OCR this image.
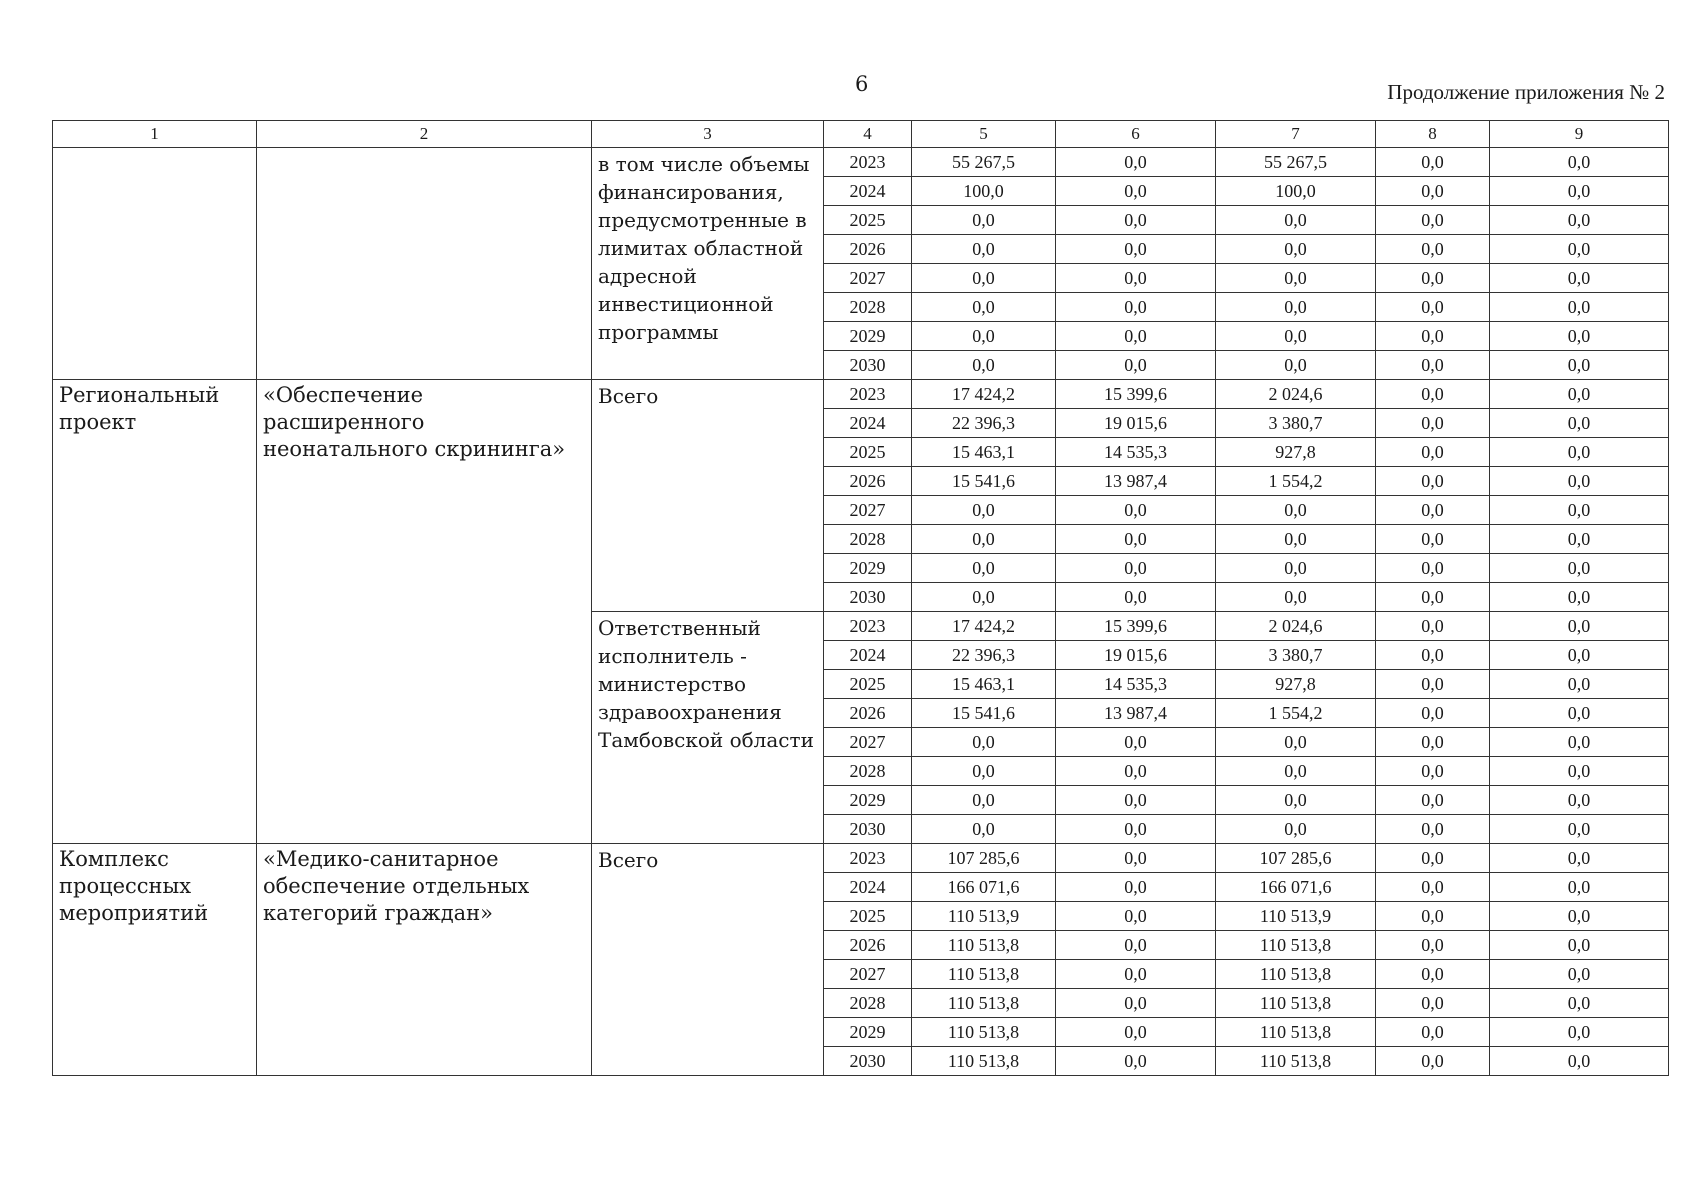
6	Продолжение приложения № 2
1	2	3	4	5	6	7	8	9
		в том числе объемы финансирования, предусмотренные в лимитах областной адресной инвестиционной программы	2023	55 267,5	0,0	55 267,5	0,0	0,0
			2024	100,0	0,0	100,0	0,0	0,0
			2025	0,0	0,0	0,0	0,0	0,0
			2026	0,0	0,0	0,0	0,0	0,0
			2027	0,0	0,0	0,0	0,0	0,0
			2028	0,0	0,0	0,0	0,0	0,0
			2029	0,0	0,0	0,0	0,0	0,0
			2030	0,0	0,0	0,0	0,0	0,0
Региональный проект	«Обеспечение расширенного неонатального скрининга»	Всего	2023	17 424,2	15 399,6	2 024,6	0,0	0,0
			2024	22 396,3	19 015,6	3 380,7	0,0	0,0
			2025	15 463,1	14 535,3	927,8	0,0	0,0
			2026	15 541,6	13 987,4	1 554,2	0,0	0,0
			2027	0,0	0,0	0,0	0,0	0,0
			2028	0,0	0,0	0,0	0,0	0,0
			2029	0,0	0,0	0,0	0,0	0,0
			2030	0,0	0,0	0,0	0,0	0,0
		Ответственный исполнитель - министерство здравоохранения Тамбовской области	2023	17 424,2	15 399,6	2 024,6	0,0	0,0
			2024	22 396,3	19 015,6	3 380,7	0,0	0,0
			2025	15 463,1	14 535,3	927,8	0,0	0,0
			2026	15 541,6	13 987,4	1 554,2	0,0	0,0
			2027	0,0	0,0	0,0	0,0	0,0
			2028	0,0	0,0	0,0	0,0	0,0
			2029	0,0	0,0	0,0	0,0	0,0
			2030	0,0	0,0	0,0	0,0	0,0
Комплекс процессных мероприятий	«Медико-санитарное обеспечение отдельных категорий граждан»	Всего	2023	107 285,6	0,0	107 285,6	0,0	0,0
			2024	166 071,6	0,0	166 071,6	0,0	0,0
			2025	110 513,9	0,0	110 513,9	0,0	0,0
			2026	110 513,8	0,0	110 513,8	0,0	0,0
			2027	110 513,8	0,0	110 513,8	0,0	0,0
			2028	110 513,8	0,0	110 513,8	0,0	0,0
			2029	110 513,8	0,0	110 513,8	0,0	0,0
			2030	110 513,8	0,0	110 513,8	0,0	0,0
